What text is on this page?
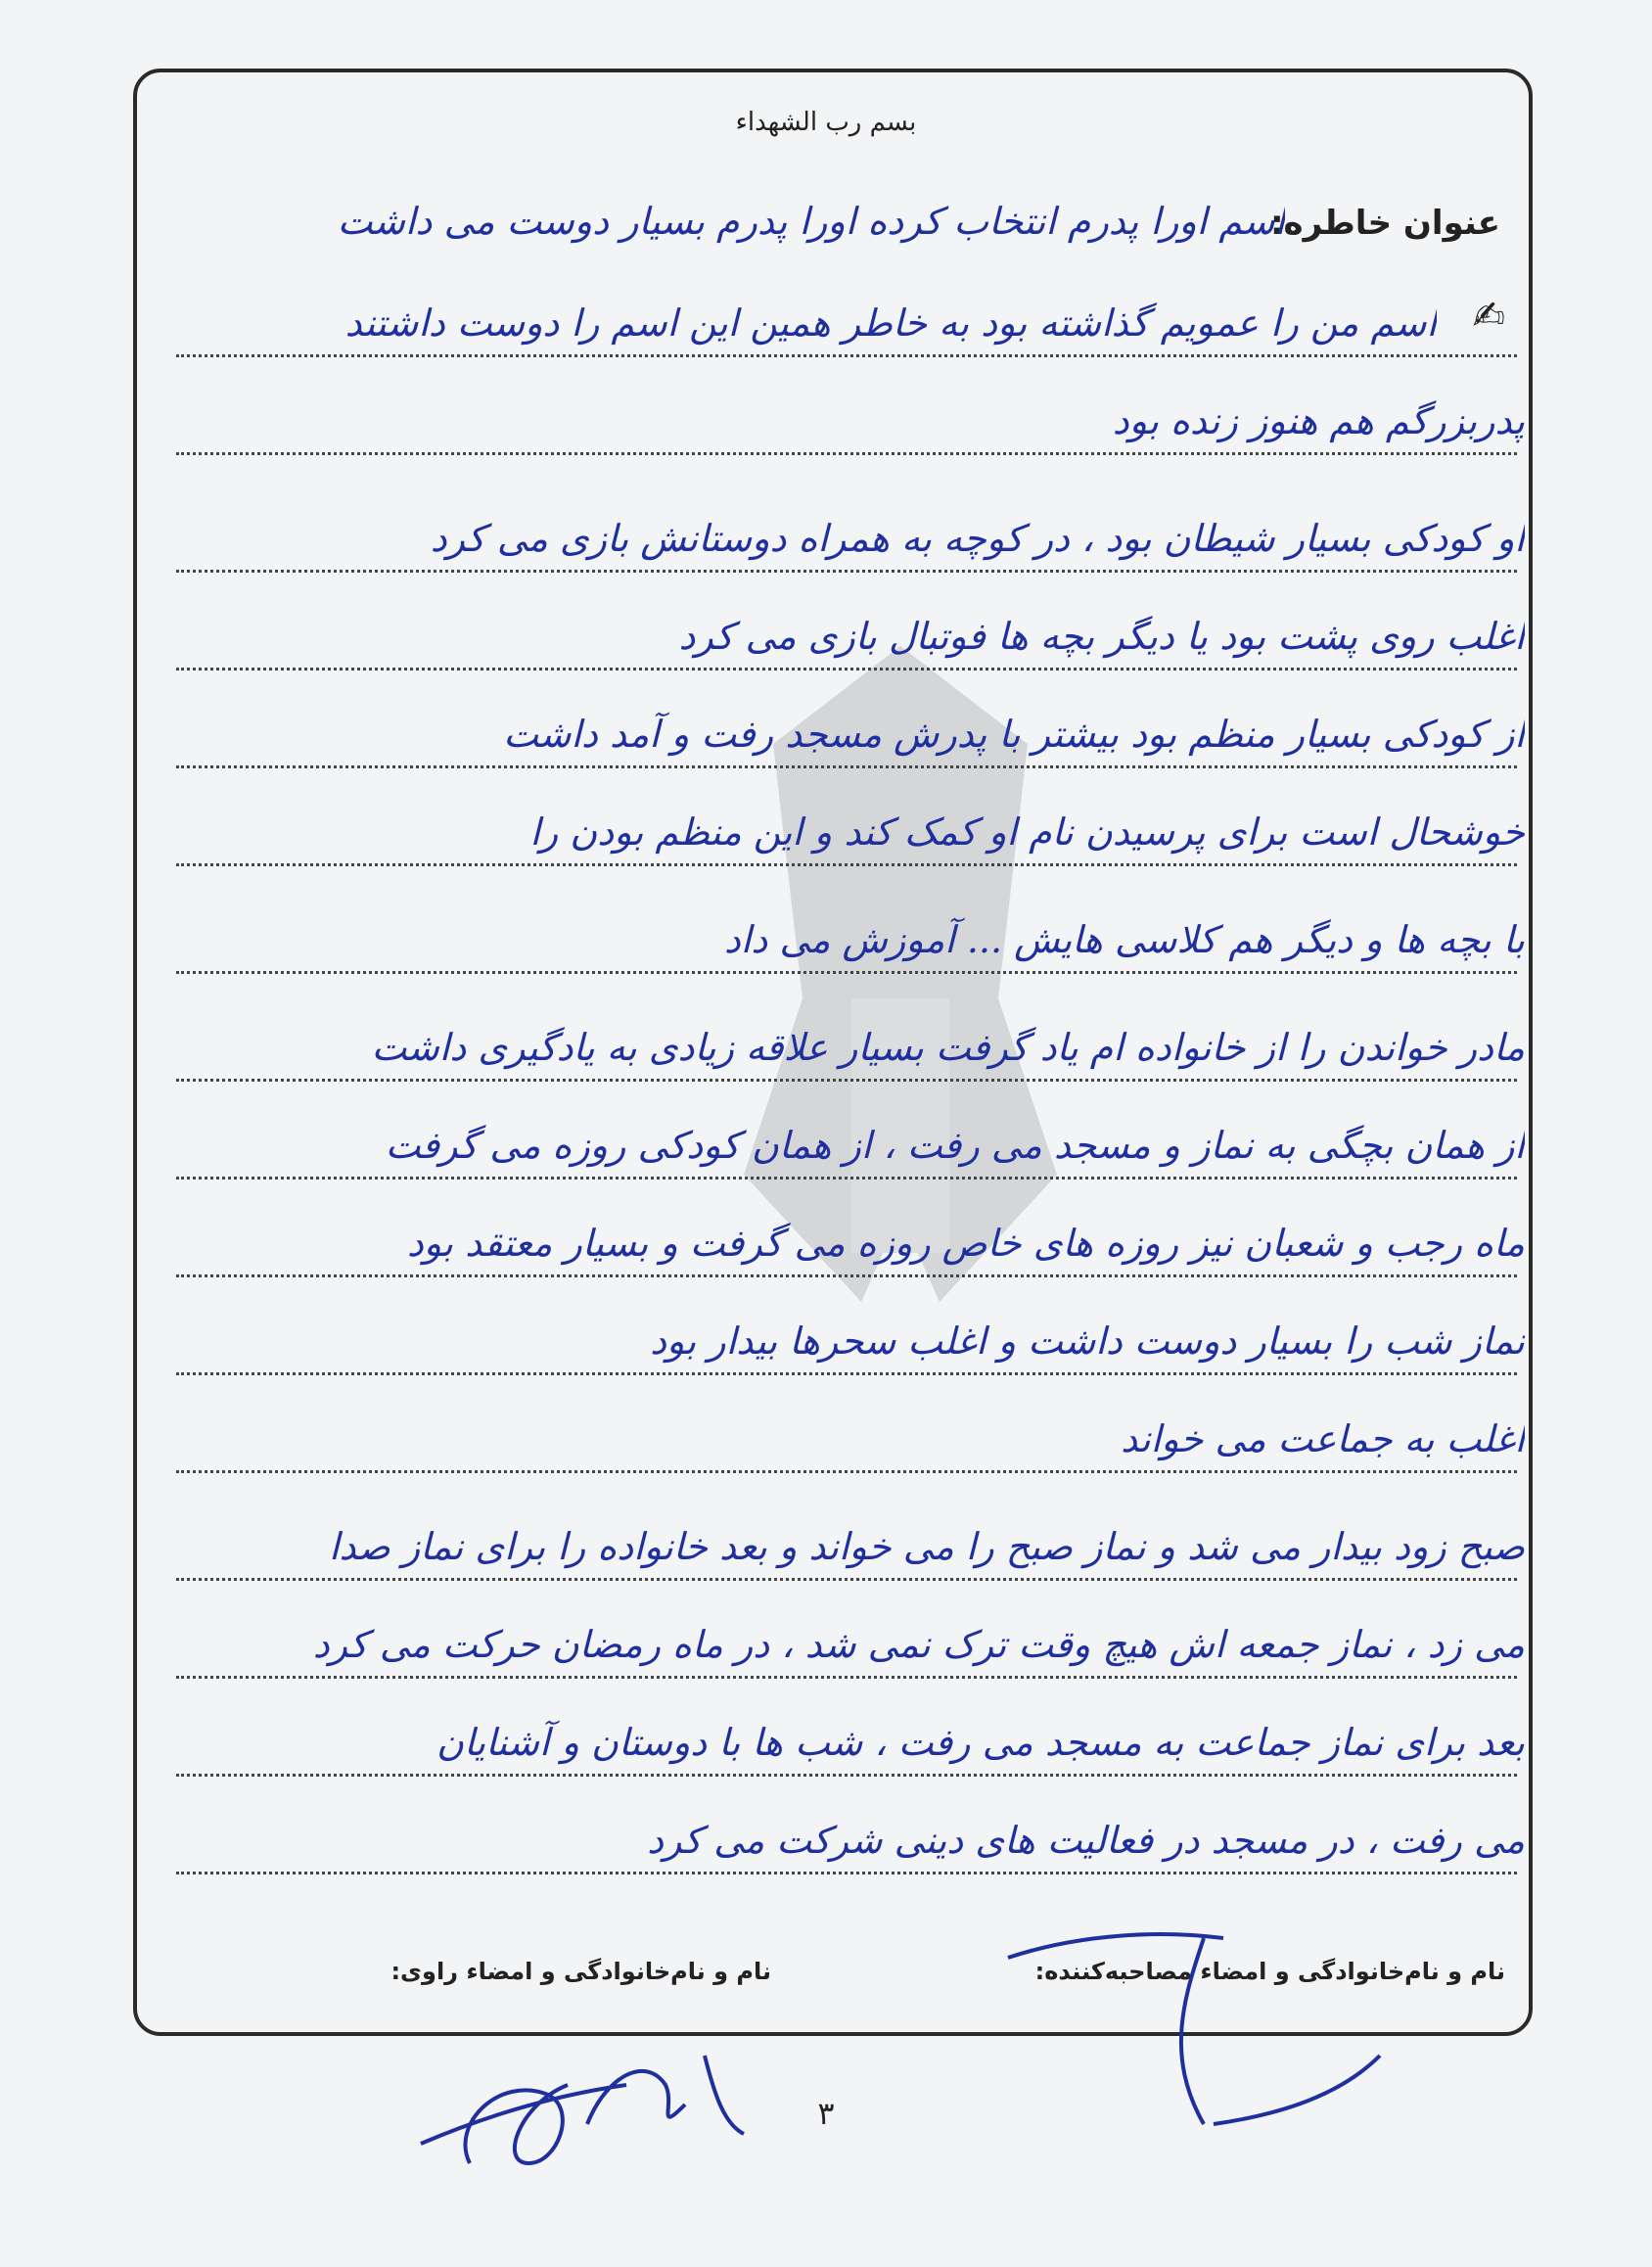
بسم رب الشهداء
عنوان خاطره:
اسم اورا پدرم انتخاب کرده اورا پدرم بسیار دوست می داشت
✍
اسم من را عمویم گذاشته بود به خاطر همین این اسم را دوست داشتند
پدربزرگم هم هنوز زنده بود
او کودکی بسیار شیطان بود ، در کوچه به همراه دوستانش بازی می کرد
اغلب روی پشت بود یا دیگر بچه ها فوتبال بازی می کرد
از کودکی بسیار منظم بود بیشتر با پدرش مسجد رفت و آمد داشت
خوشحال است برای پرسیدن نام او کمک کند و این منظم بودن را
با بچه ها و دیگر هم کلاسی هایش ... آموزش می داد
مادر خواندن را از خانواده ام یاد گرفت بسیار علاقه زیادی به یادگیری داشت
از همان بچگی به نماز و مسجد می رفت ، از همان کودکی روزه می گرفت
ماه رجب و شعبان نیز روزه های خاص روزه می گرفت و بسیار معتقد بود
نماز شب را بسیار دوست داشت و اغلب سحرها بیدار بود
اغلب به جماعت می خواند
صبح زود بیدار می شد و نماز صبح را می خواند و بعد خانواده را برای نماز صدا
می زد ، نماز جمعه اش هیچ وقت ترک نمی شد ، در ماه رمضان حرکت می کرد
بعد برای نماز جماعت به مسجد می رفت ، شب ها با دوستان و آشنایان
می رفت ، در مسجد در فعالیت های دینی شرکت می کرد
نام و نام‌خانوادگی و امضاء مصاحبه‌کننده:
نام و نام‌خانوادگی و امضاء راوی:
۳
